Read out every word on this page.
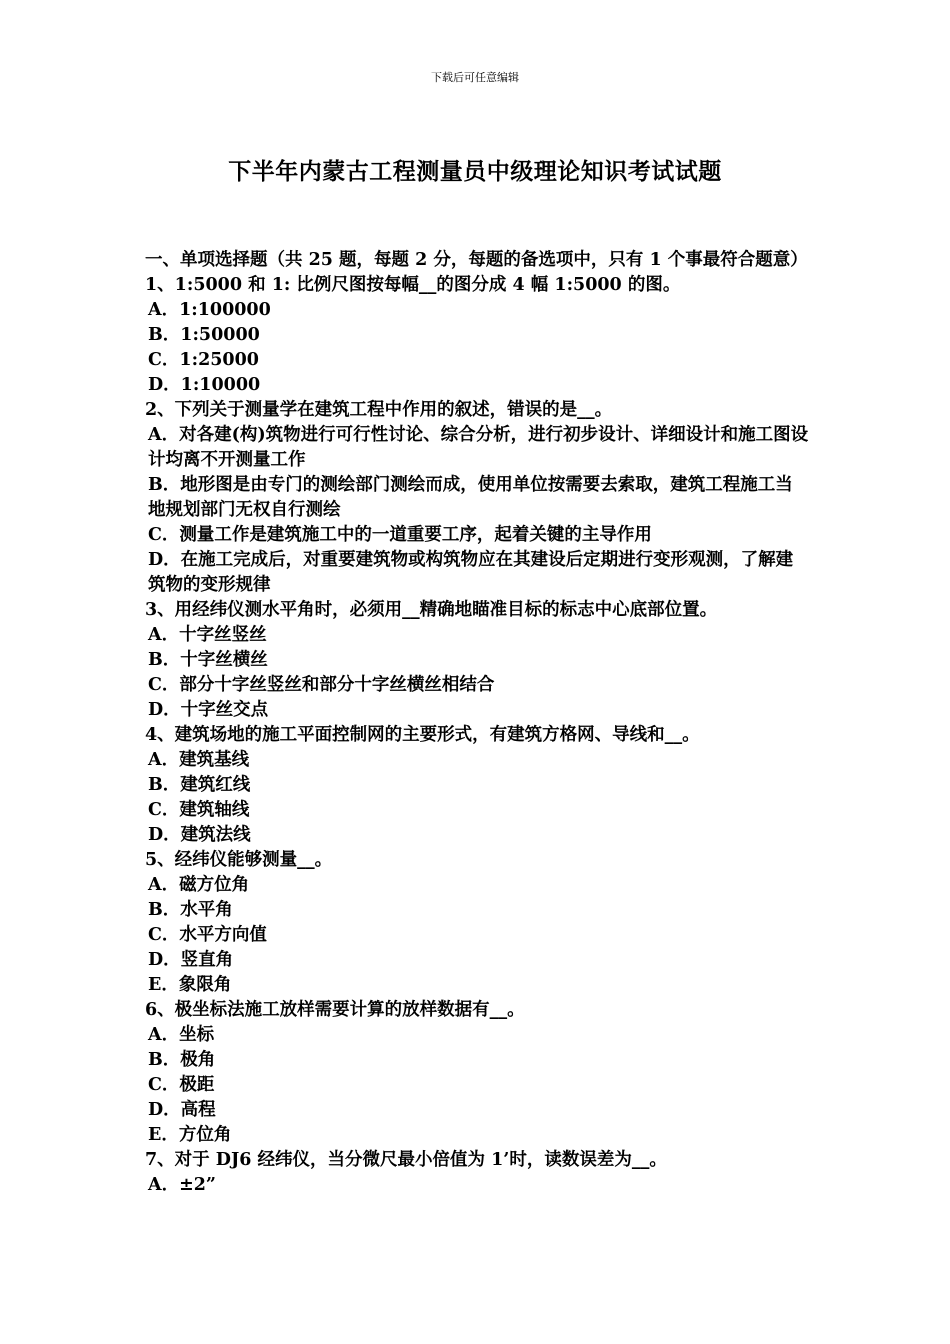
下载后可任意编辑
下半年内蒙古工程测量员中级理论知识考试试题
一、单项选择题（共 25 题，每题 2 分，每题的备选项中，只有 1 个事最符合题意）
1、1:5000 和 1: 比例尺图按每幅__的图分成 4 幅 1:5000 的图。
A．1:100000
B．1:50000
C．1:25000
D．1:10000
2、下列关于测量学在建筑工程中作用的叙述，错误的是__。
A．对各建(构)筑物进行可行性讨论、综合分析，进行初步设计、详细设计和施工图设计均离不开测量工作
B．地形图是由专门的测绘部门测绘而成，使用单位按需要去索取，建筑工程施工当地规划部门无权自行测绘
C．测量工作是建筑施工中的一道重要工序，起着关键的主导作用
D．在施工完成后，对重要建筑物或构筑物应在其建设后定期进行变形观测，了解建筑物的变形规律
3、用经纬仪测水平角时，必须用__精确地瞄准目标的标志中心底部位置。
A．十字丝竖丝
B．十字丝横丝
C．部分十字丝竖丝和部分十字丝横丝相结合
D．十字丝交点
4、建筑场地的施工平面控制网的主要形式，有建筑方格网、导线和__。
A．建筑基线
B．建筑红线
C．建筑轴线
D．建筑法线
5、经纬仪能够测量__。
A．磁方位角
B．水平角
C．水平方向值
D．竖直角
E．象限角
6、极坐标法施工放样需要计算的放样数据有__。
A．坐标
B．极角
C．极距
D．高程
E．方位角
7、对于 DJ6 经纬仪，当分微尺最小倍值为 1’时，读数误差为__。
A．±2”
